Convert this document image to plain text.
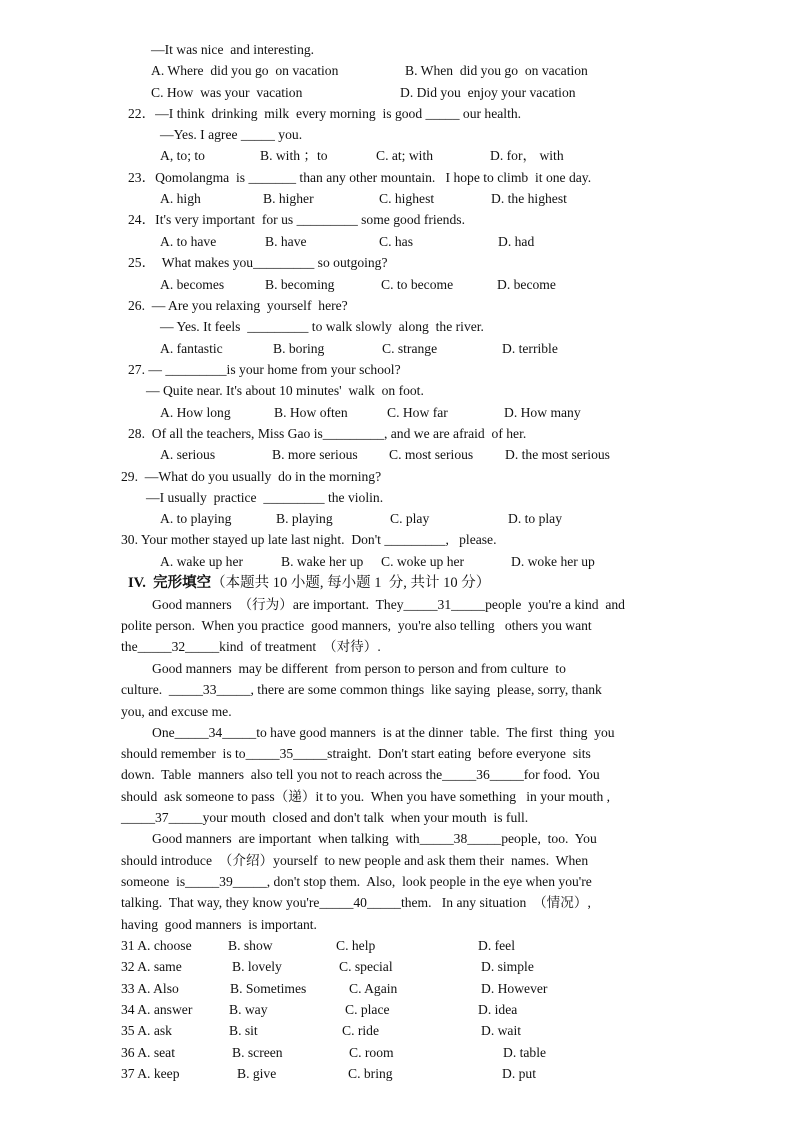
—It was nice  and interesting.
A. Where  did you go  on vacation	B. When  did you go  on vacation
C. How  was your  vacation	D. Did you  enjoy your vacation
22．—I think  drinking  milk  every morning  is good _____ our health.
—Yes. I agree _____ you.
A, to; to	B. with ；to	C. at; with	D. for， with
23．Qomolangma  is _______ than any other mountain.   I hope to climb  it one day.
A. high	B. higher	C. highest	D. the highest
24．It's very important  for us _________ some good friends.
A. to have	B. have	C. has	D. had
25．  What makes you_________ so outgoing?
A. becomes	B. becoming	C. to become	D. become
26.  — Are you relaxing  yourself  here?
— Yes. It feels  _________ to walk slowly  along  the river.
A. fantastic	B. boring	C. strange	D. terrible
27. — _________is your home from your school?
— Quite near. It's about 10 minutes'  walk  on foot.
A. How long	B. How often	C. How far	D. How many
28.  Of all the teachers, Miss Gao is_________, and we are afraid  of her.
A. serious	B. more serious C. most serious D. the most serious
29.  —What do you usually  do in the morning?
—I usually  practice  _________ the violin.
A. to playing	B. playing	C. play	D. to play
30. Your mother stayed up late last night.  Don't _________,   please.
A. wake up her	B. wake her up C. woke up her	D. woke her up
IV.  完形填空（本题共 10 小题, 每小题 1  分, 共计 10 分）
Good manners  （行为）are important.  They_____31_____people  you're a kind  and
polite person.  When you practice  good manners,  you're also telling   others you want
the_____32_____kind  of treatment  （对待）.
Good manners  may be different  from person to person and from culture  to
culture.  _____33_____, there are some common things  like saying  please, sorry, thank
you, and excuse me.
One_____34_____to have good manners  is at the dinner  table.  The first  thing  you
should remember  is to_____35_____straight.  Don't start eating  before everyone  sits
down.  Table  manners  also tell you not to reach across the_____36_____for food.  You
should  ask someone to pass（递）it to you.  When you have something   in your mouth ,
_____37_____your mouth  closed and don't talk  when your mouth  is full.
Good manners  are important  when talking  with_____38_____people,  too.  You
should introduce  （介绍）yourself  to new people and ask them their  names.  When
someone  is_____39_____, don't stop them.  Also,  look people in the eye when you're
talking.  That way, they know you're_____40_____them.   In any situation  （情况）,
having  good manners  is important.
31 A. choose	B. show	C. help	D. feel
32 A. same	B. lovely	C. special	D. simple
33 A. Also	B. Sometimes	C. Again	D. However
34 A. answer	B. way	C. place	D. idea
35 A. ask	B. sit	C. ride	D. wait
36 A. seat	B. screen	C. room	D. table
37 A. keep	B. give	C. bring	D. put
